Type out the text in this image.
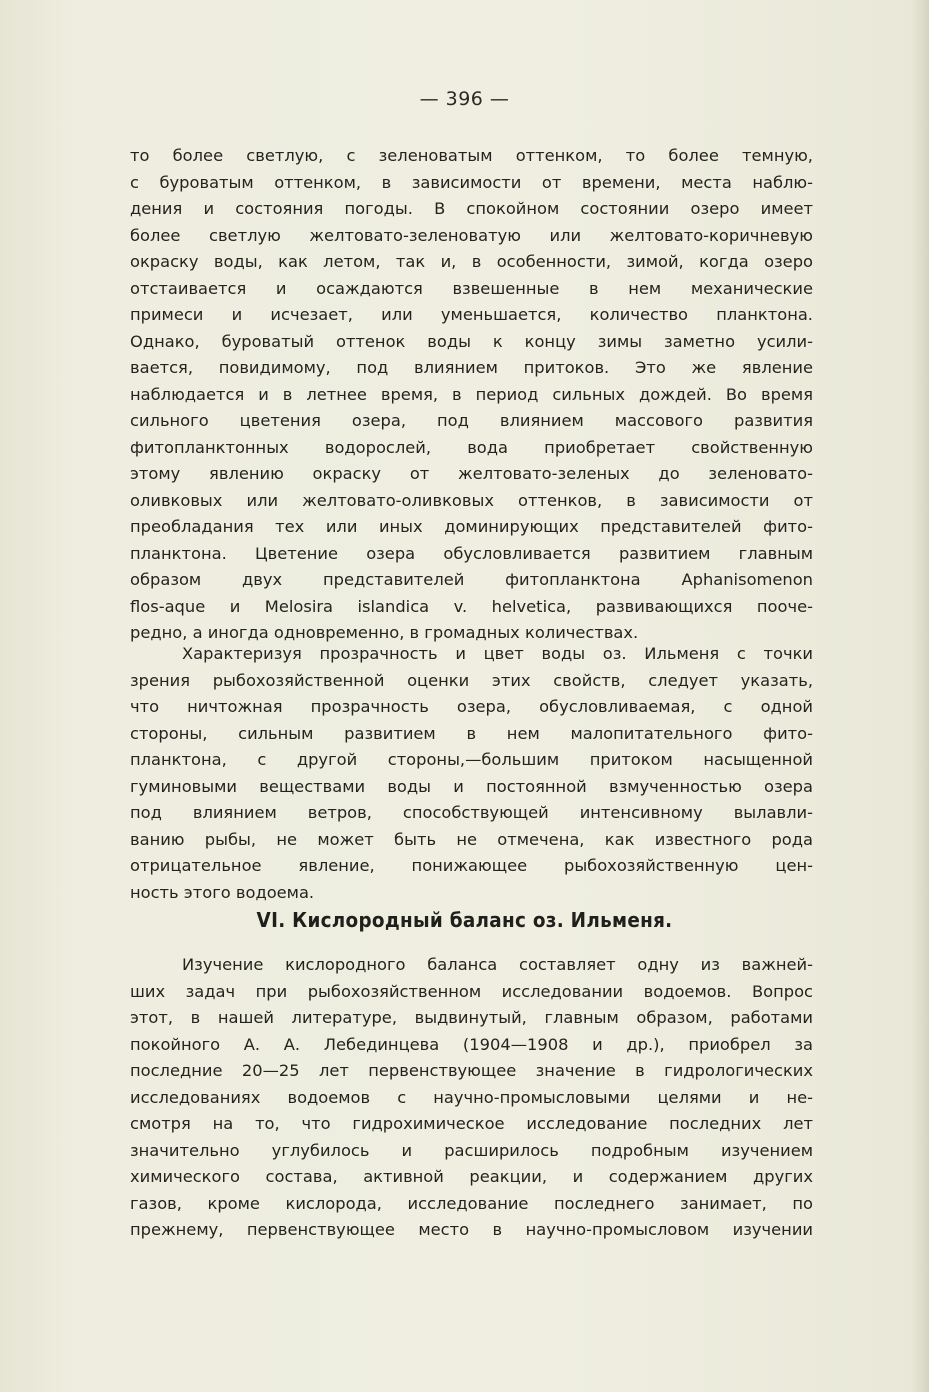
— 396 —
то более светлую, с зеленоватым оттенком, то более темную,
с буроватым оттенком, в зависимости от времени, места наблю-
дения и состояния погоды. В спокойном состоянии озеро имеет
более светлую желтовато-зеленоватую или желтовато-коричневую
окраску воды, как летом, так и, в особенности, зимой, когда озеро
отстаивается и осаждаются взвешенные в нем механические
примеси и исчезает, или уменьшается, количество планктона.
Однако, буроватый оттенок воды к концу зимы заметно усили-
вается, повидимому, под влиянием притоков. Это же явление
наблюдается и в летнее время, в период сильных дождей. Во время
сильного цветения озера, под влиянием массового развития
фитопланктонных водорослей, вода приобретает свойственную
этому явлению окраску от желтовато-зеленых до зеленовато-
оливковых или желтовато-оливковых оттенков, в зависимости от
преобладания тех или иных доминирующих представителей фито-
планктона. Цветение озера обусловливается развитием главным
образом двух представителей фитопланктона Aphanisomenon
flos-aque и Melosira islandica v. helvetica, развивающихся пооче-
редно, а иногда одновременно, в громадных количествах.
Характеризуя прозрачность и цвет воды оз. Ильменя с точки
зрения рыбохозяйственной оценки этих свойств, следует указать,
что ничтожная прозрачность озера, обусловливаемая, с одной
стороны, сильным развитием в нем малопитательного фито-
планктона, с другой стороны,—большим притоком насыщенной
гуминовыми веществами воды и постоянной взмученностью озера
под влиянием ветров, способствующей интенсивному вылавли-
ванию рыбы, не может быть не отмечена, как известного рода
отрицательное явление, понижающее рыбохозяйственную цен-
ность этого водоема.
VI. Кислородный баланс оз. Ильменя.
Изучение кислородного баланса составляет одну из важней-
ших задач при рыбохозяйственном исследовании водоемов. Вопрос
этот, в нашей литературе, выдвинутый, главным образом, работами
покойного А. А. Лебединцева (1904—1908 и др.), приобрел за
последние 20—25 лет первенствующее значение в гидрологических
исследованиях водоемов с научно-промысловыми целями и не-
смотря на то, что гидрохимическое исследование последних лет
значительно углубилось и расширилось подробным изучением
химического состава, активной реакции, и содержанием других
газов, кроме кислорода, исследование последнего занимает, по
прежнему, первенствующее место в научно-промысловом изучении
